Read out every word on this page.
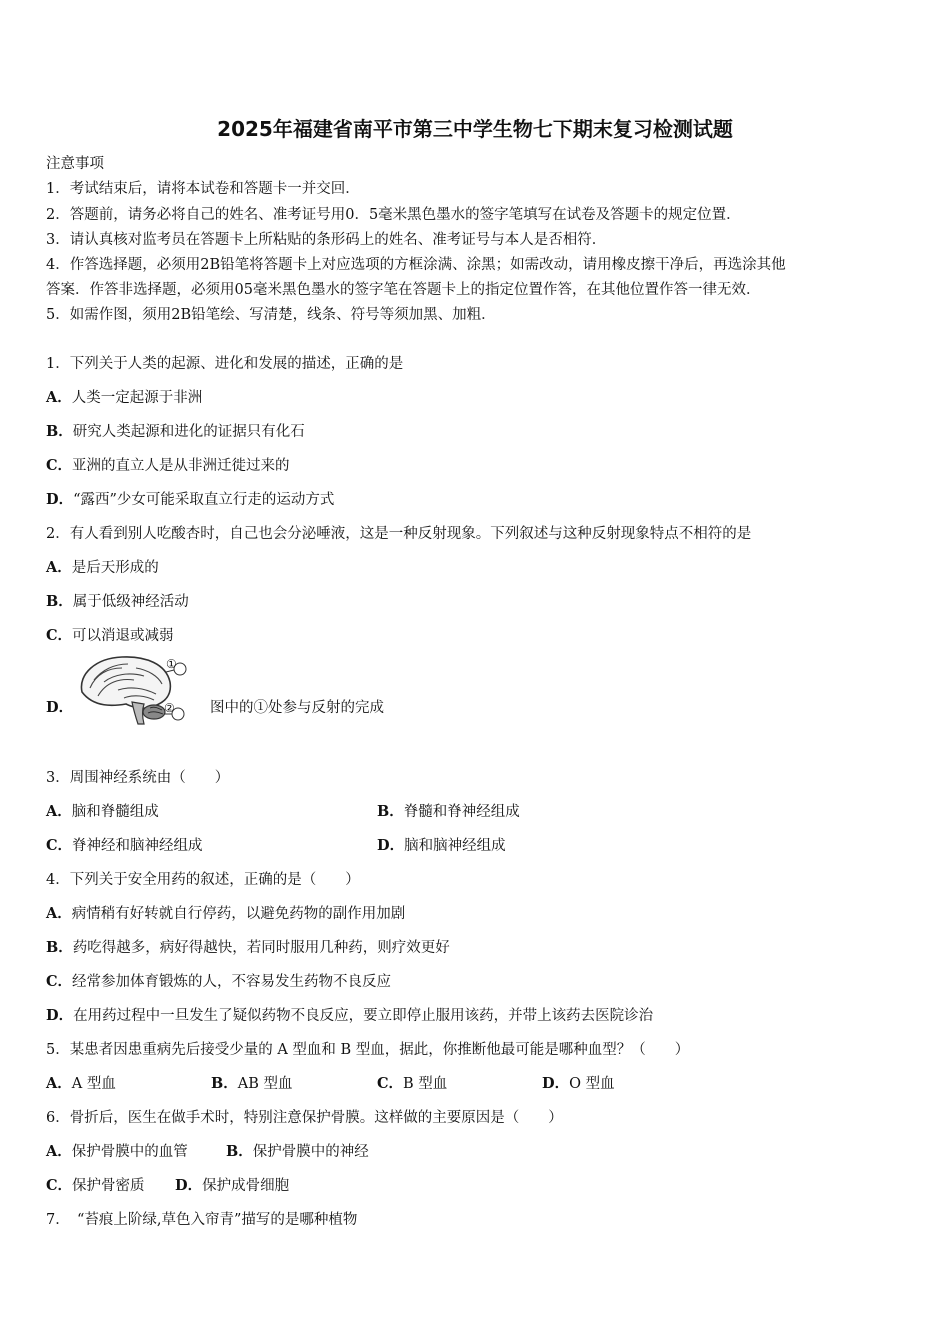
2025年福建省南平市第三中学生物七下期末复习检测试题
注意事项
1．考试结束后，请将本试卷和答题卡一并交回．
2．答题前，请务必将自己的姓名、准考证号用0．5毫米黑色墨水的签字笔填写在试卷及答题卡的规定位置．
3．请认真核对监考员在答题卡上所粘贴的条形码上的姓名、准考证号与本人是否相符．
4．作答选择题，必须用2B铅笔将答题卡上对应选项的方框涂满、涂黑；如需改动，请用橡皮擦干净后，再选涂其他
答案．作答非选择题，必须用05毫米黑色墨水的签字笔在答题卡上的指定位置作答，在其他位置作答一律无效．
5．如需作图，须用2B铅笔绘、写清楚，线条、符号等须加黑、加粗．
1．下列关于人类的起源、进化和发展的描述，正确的是
A．人类一定起源于非洲
B．研究人类起源和进化的证据只有化石
C．亚洲的直立人是从非洲迁徙过来的
D．“露西”少女可能采取直立行走的运动方式
2．有人看到别人吃酸杏时，自己也会分泌唾液，这是一种反射现象。下列叙述与这种反射现象特点不相符的是
A．是后天形成的
B．属于低级神经活动
C．可以消退或减弱
D．
①
② 图中的①处参与反射的完成
3．周围神经系统由（　　）
A．脑和脊髓组成	B．脊髓和脊神经组成
C．脊神经和脑神经组成	D．脑和脑神经组成
4．下列关于安全用药的叙述，正确的是（　　）
A．病情稍有好转就自行停药，以避免药物的副作用加剧
B．药吃得越多，病好得越快，若同时服用几种药，则疗效更好
C．经常参加体育锻炼的人，不容易发生药物不良反应
D．在用药过程中一旦发生了疑似药物不良反应，要立即停止服用该药，并带上该药去医院诊治
5．某患者因患重病先后接受少量的 A 型血和 B 型血，据此，你推断他最可能是哪种血型？（　　）
A．A 型血	B．AB 型血	C．B 型血	D．O 型血
6．骨折后，医生在做手术时，特别注意保护骨膜。这样做的主要原因是（　　）
A．保护骨膜中的血管	B．保护骨膜中的神经
C．保护骨密质 D．保护成骨细胞
7．　“苔痕上阶绿,草色入帘青”描写的是哪种植物
